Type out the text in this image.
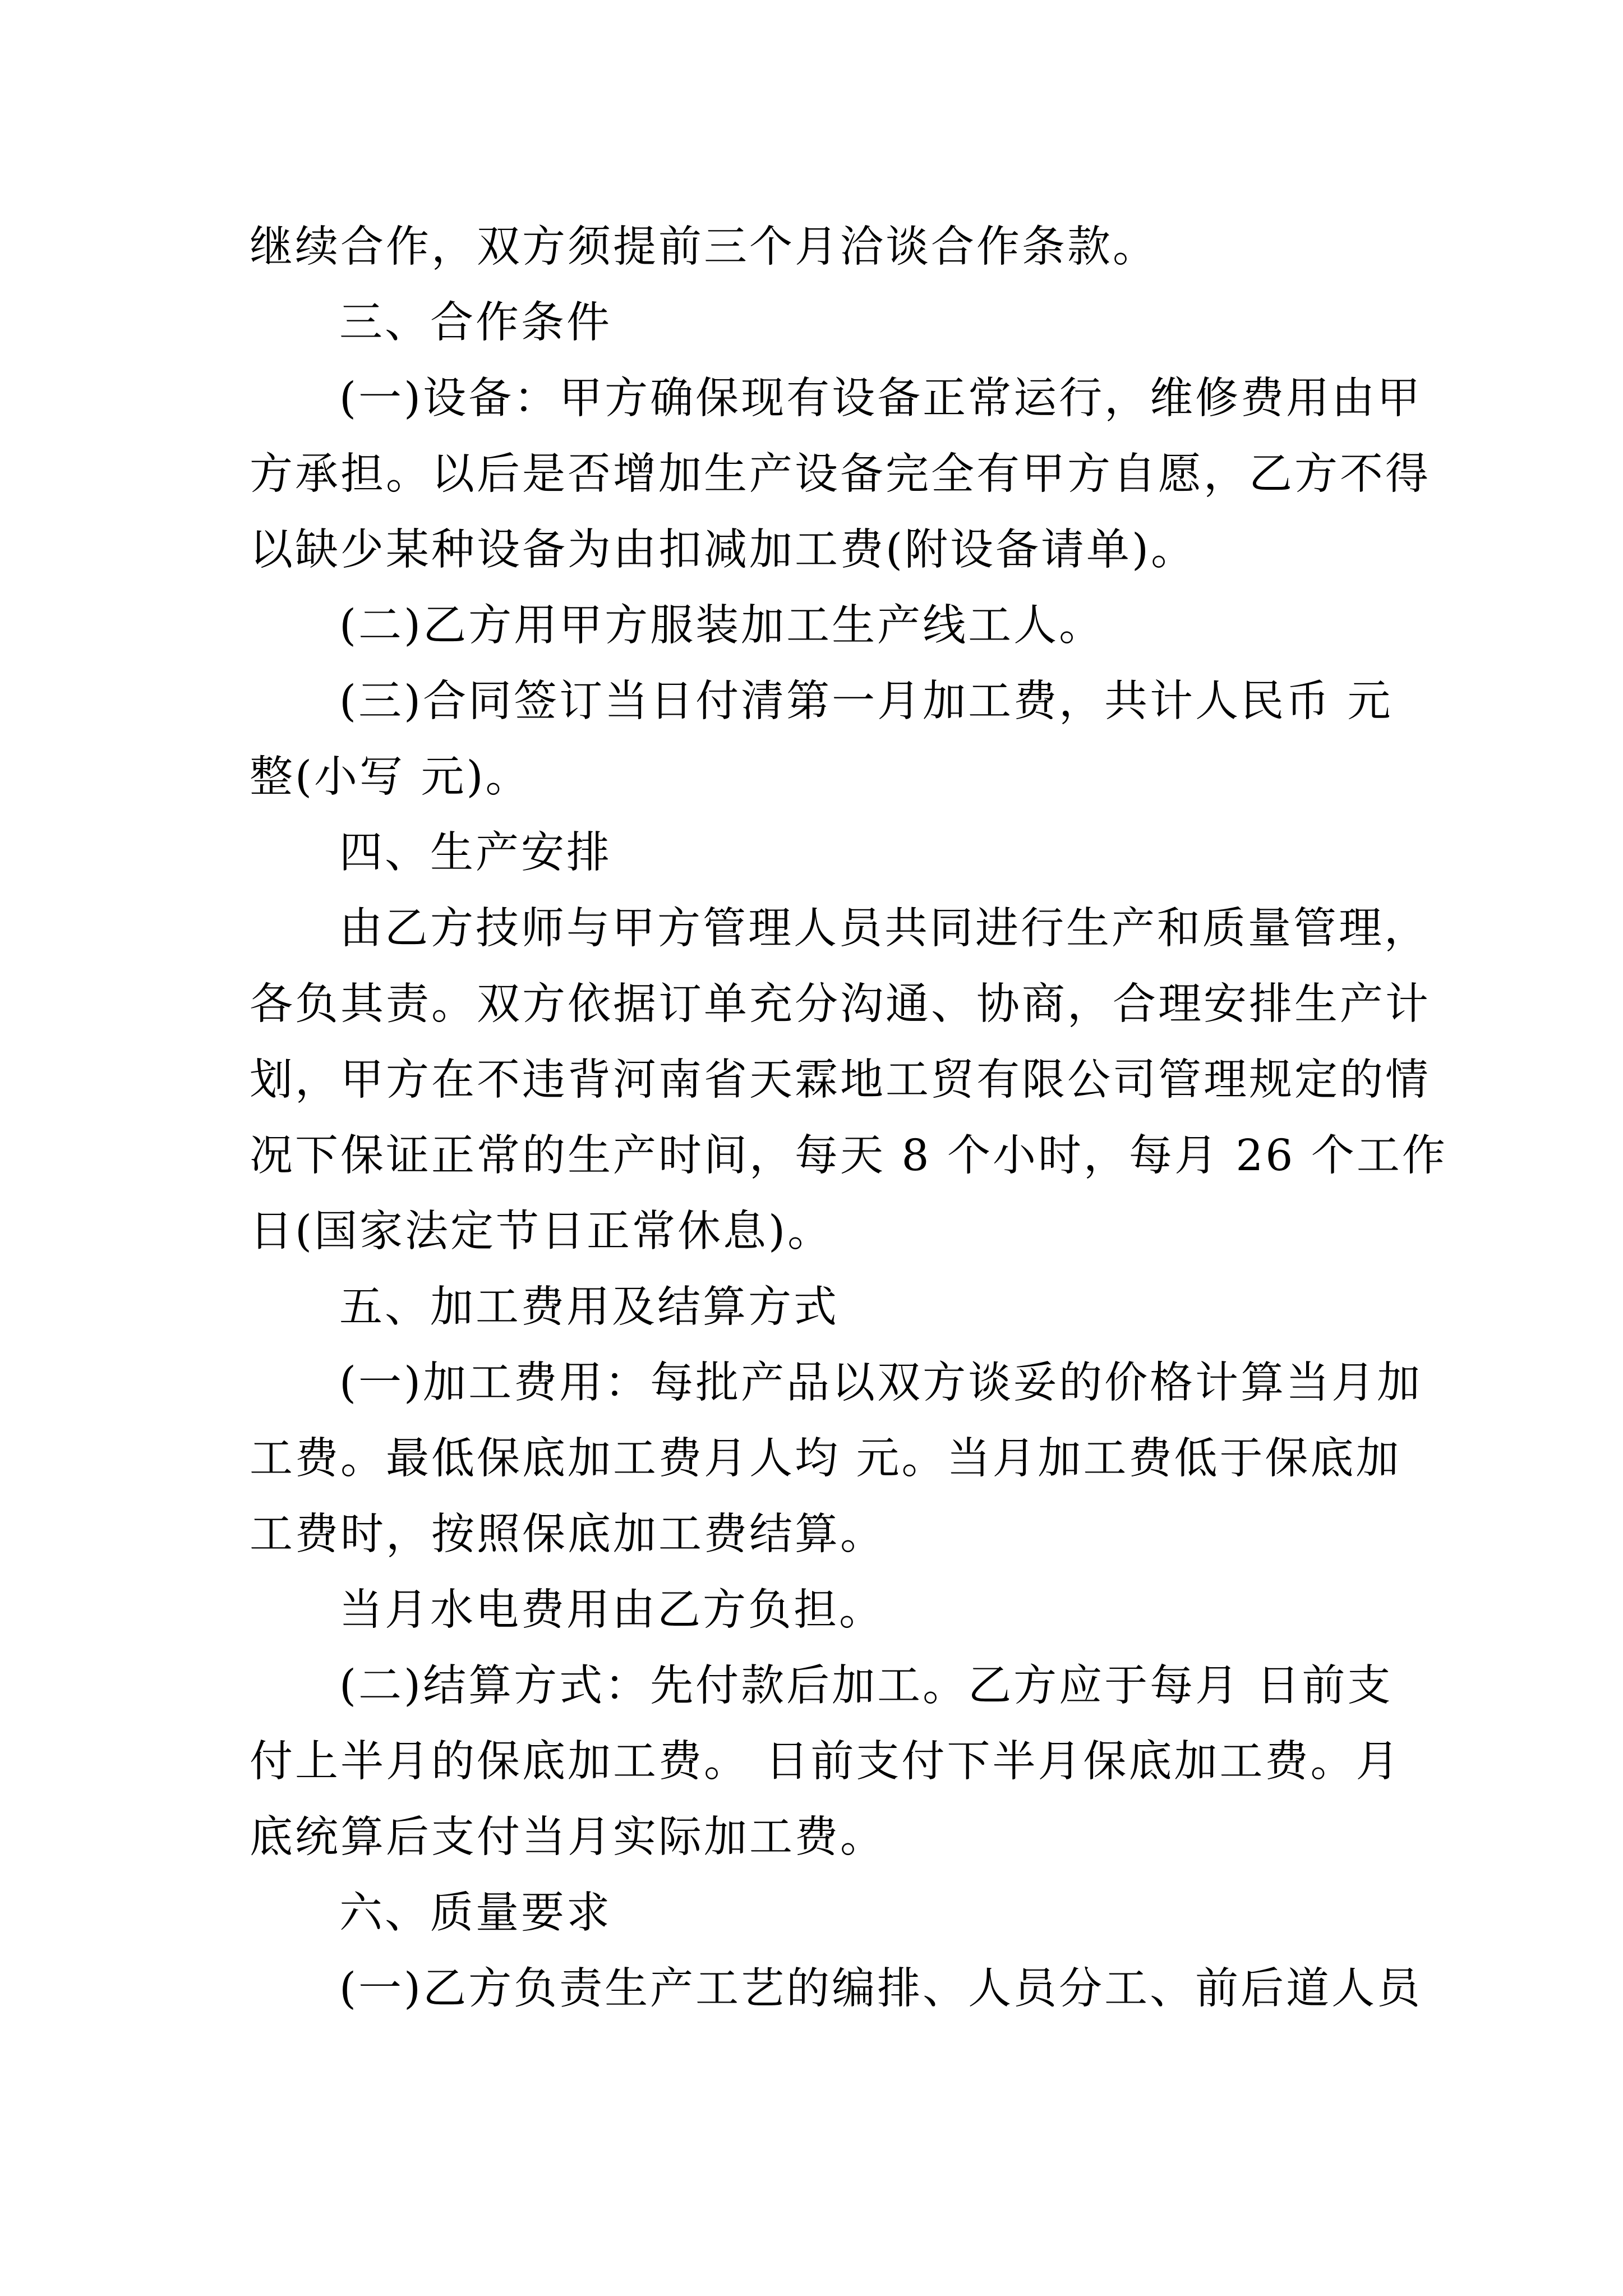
继续合作，双方须提前三个月洽谈合作条款。
三、合作条件
(一)设备：甲方确保现有设备正常运行，维修费用由甲
方承担。以后是否增加生产设备完全有甲方自愿，乙方不得
以缺少某种设备为由扣减加工费(附设备请单)。
(二)乙方用甲方服装加工生产线工人。
(三)合同签订当日付清第一月加工费，共计人民币 元
整(小写 元)。
四、生产安排
由乙方技师与甲方管理人员共同进行生产和质量管理，
各负其责。双方依据订单充分沟通、协商，合理安排生产计
划，甲方在不违背河南省天霖地工贸有限公司管理规定的情
况下保证正常的生产时间，每天 8 个小时，每月 26 个工作
日(国家法定节日正常休息)。
五、加工费用及结算方式
(一)加工费用：每批产品以双方谈妥的价格计算当月加
工费。最低保底加工费月人均 元。当月加工费低于保底加
工费时，按照保底加工费结算。
当月水电费用由乙方负担。
(二)结算方式：先付款后加工。乙方应于每月 日前支
付上半月的保底加工费。 日前支付下半月保底加工费。月
底统算后支付当月实际加工费。
六、质量要求
(一)乙方负责生产工艺的编排、人员分工、前后道人员
